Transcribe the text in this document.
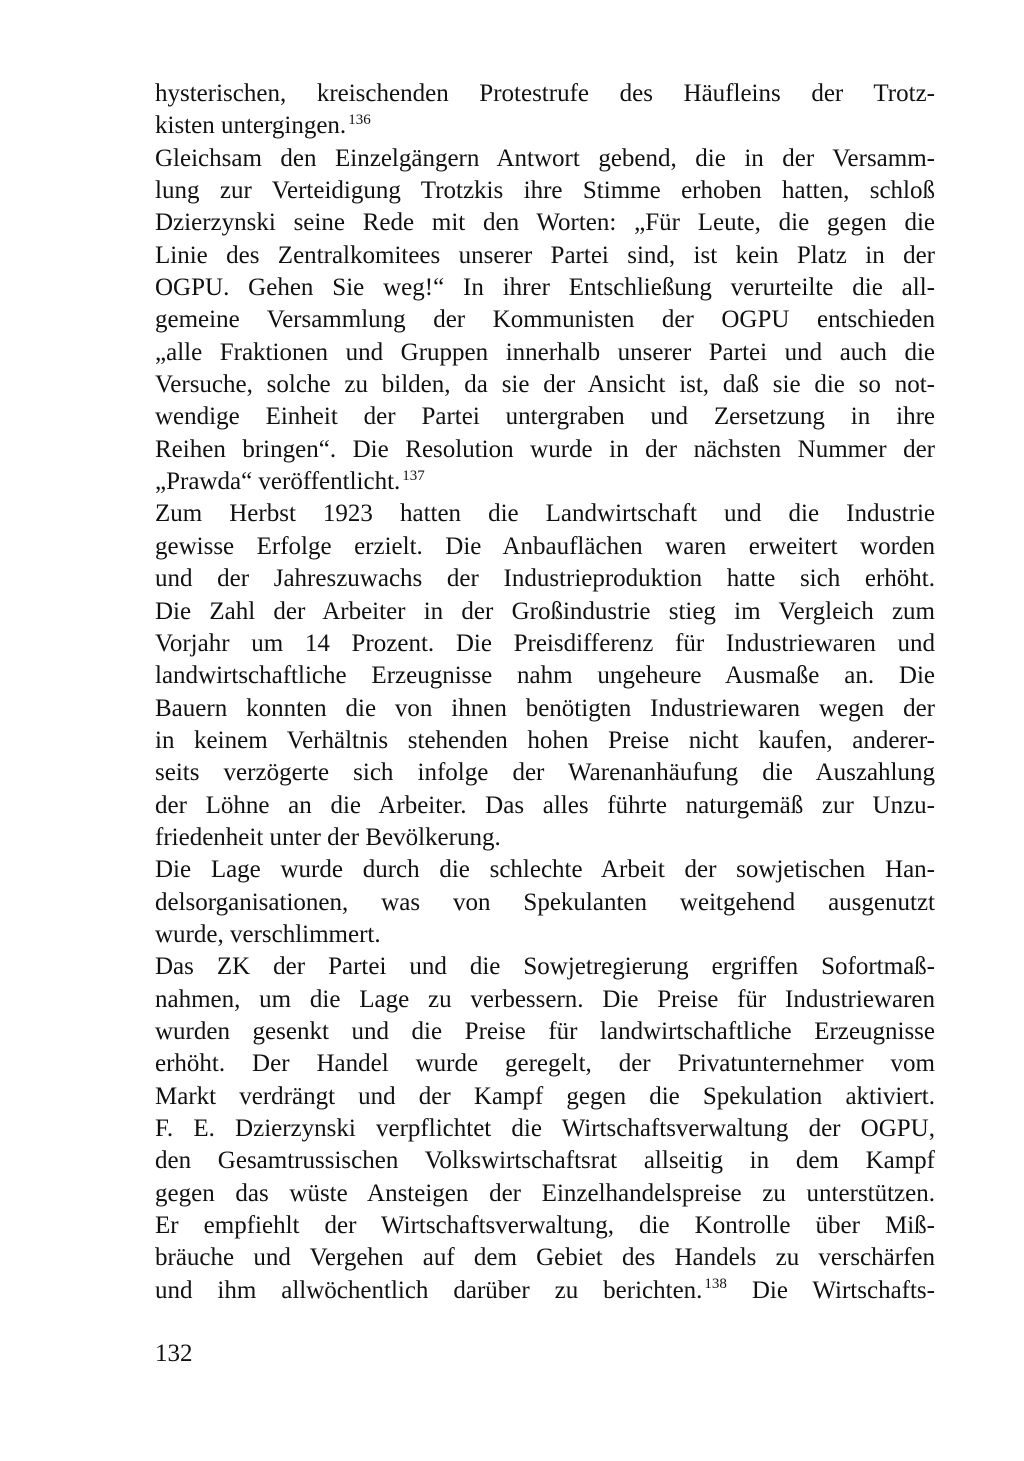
hysterischen, kreischenden Protestrufe des Häufleins der Trotz-
kisten untergingen. $^{136}$
Gleichsam den Einzelgängern Antwort gebend, die in der Versamm-
lung zur Verteidigung Trotzkis ihre Stimme erhoben hatten, schloß
Dzierzynski seine Rede mit den Worten: „Für Leute, die gegen die
Linie des Zentralkomitees unserer Partei sind, ist kein Platz in der
OGPU. Gehen Sie weg!“ In ihrer Entschließung verurteilte die all-
gemeine Versammlung der Kommunisten der OGPU entschieden
„alle Fraktionen und Gruppen innerhalb unserer Partei und auch die
Versuche, solche zu bilden, da sie der Ansicht ist, daß sie die so not-
wendige Einheit der Partei untergraben und Zersetzung in ihre
Reihen bringen“. Die Resolution wurde in der nächsten Nummer der
„Prawda“ veröffentlicht. $^{137}$
Zum Herbst 1923 hatten die Landwirtschaft und die Industrie
gewisse Erfolge erzielt. Die Anbauflächen waren erweitert worden
und der Jahreszuwachs der Industrieproduktion hatte sich erhöht.
Die Zahl der Arbeiter in der Großindustrie stieg im Vergleich zum
Vorjahr um 14 Prozent. Die Preisdifferenz für Industriewaren und
landwirtschaftliche Erzeugnisse nahm ungeheure Ausmaße an. Die
Bauern konnten die von ihnen benötigten Industriewaren wegen der
in keinem Verhältnis stehenden hohen Preise nicht kaufen, anderer-
seits verzögerte sich infolge der Warenanhäufung die Auszahlung
der Löhne an die Arbeiter. Das alles führte naturgemäß zur Unzu-
friedenheit unter der Bevölkerung.
Die Lage wurde durch die schlechte Arbeit der sowjetischen Han-
delsorganisationen, was von Spekulanten weitgehend ausgenutzt
wurde, verschlimmert.
Das ZK der Partei und die Sowjetregierung ergriffen Sofortmaß-
nahmen, um die Lage zu verbessern. Die Preise für Industriewaren
wurden gesenkt und die Preise für landwirtschaftliche Erzeugnisse
erhöht. Der Handel wurde geregelt, der Privatunternehmer vom
Markt verdrängt und der Kampf gegen die Spekulation aktiviert.
F. E. Dzierzynski verpflichtet die Wirtschaftsverwaltung der OGPU,
den Gesamtrussischen Volkswirtschaftsrat allseitig in dem Kampf
gegen das wüste Ansteigen der Einzelhandelspreise zu unterstützen.
Er empfiehlt der Wirtschaftsverwaltung, die Kontrolle über Miß-
bräuche und Vergehen auf dem Gebiet des Handels zu verschärfen
und ihm allwöchentlich darüber zu berichten. $^{138}$ Die Wirtschafts-
132
